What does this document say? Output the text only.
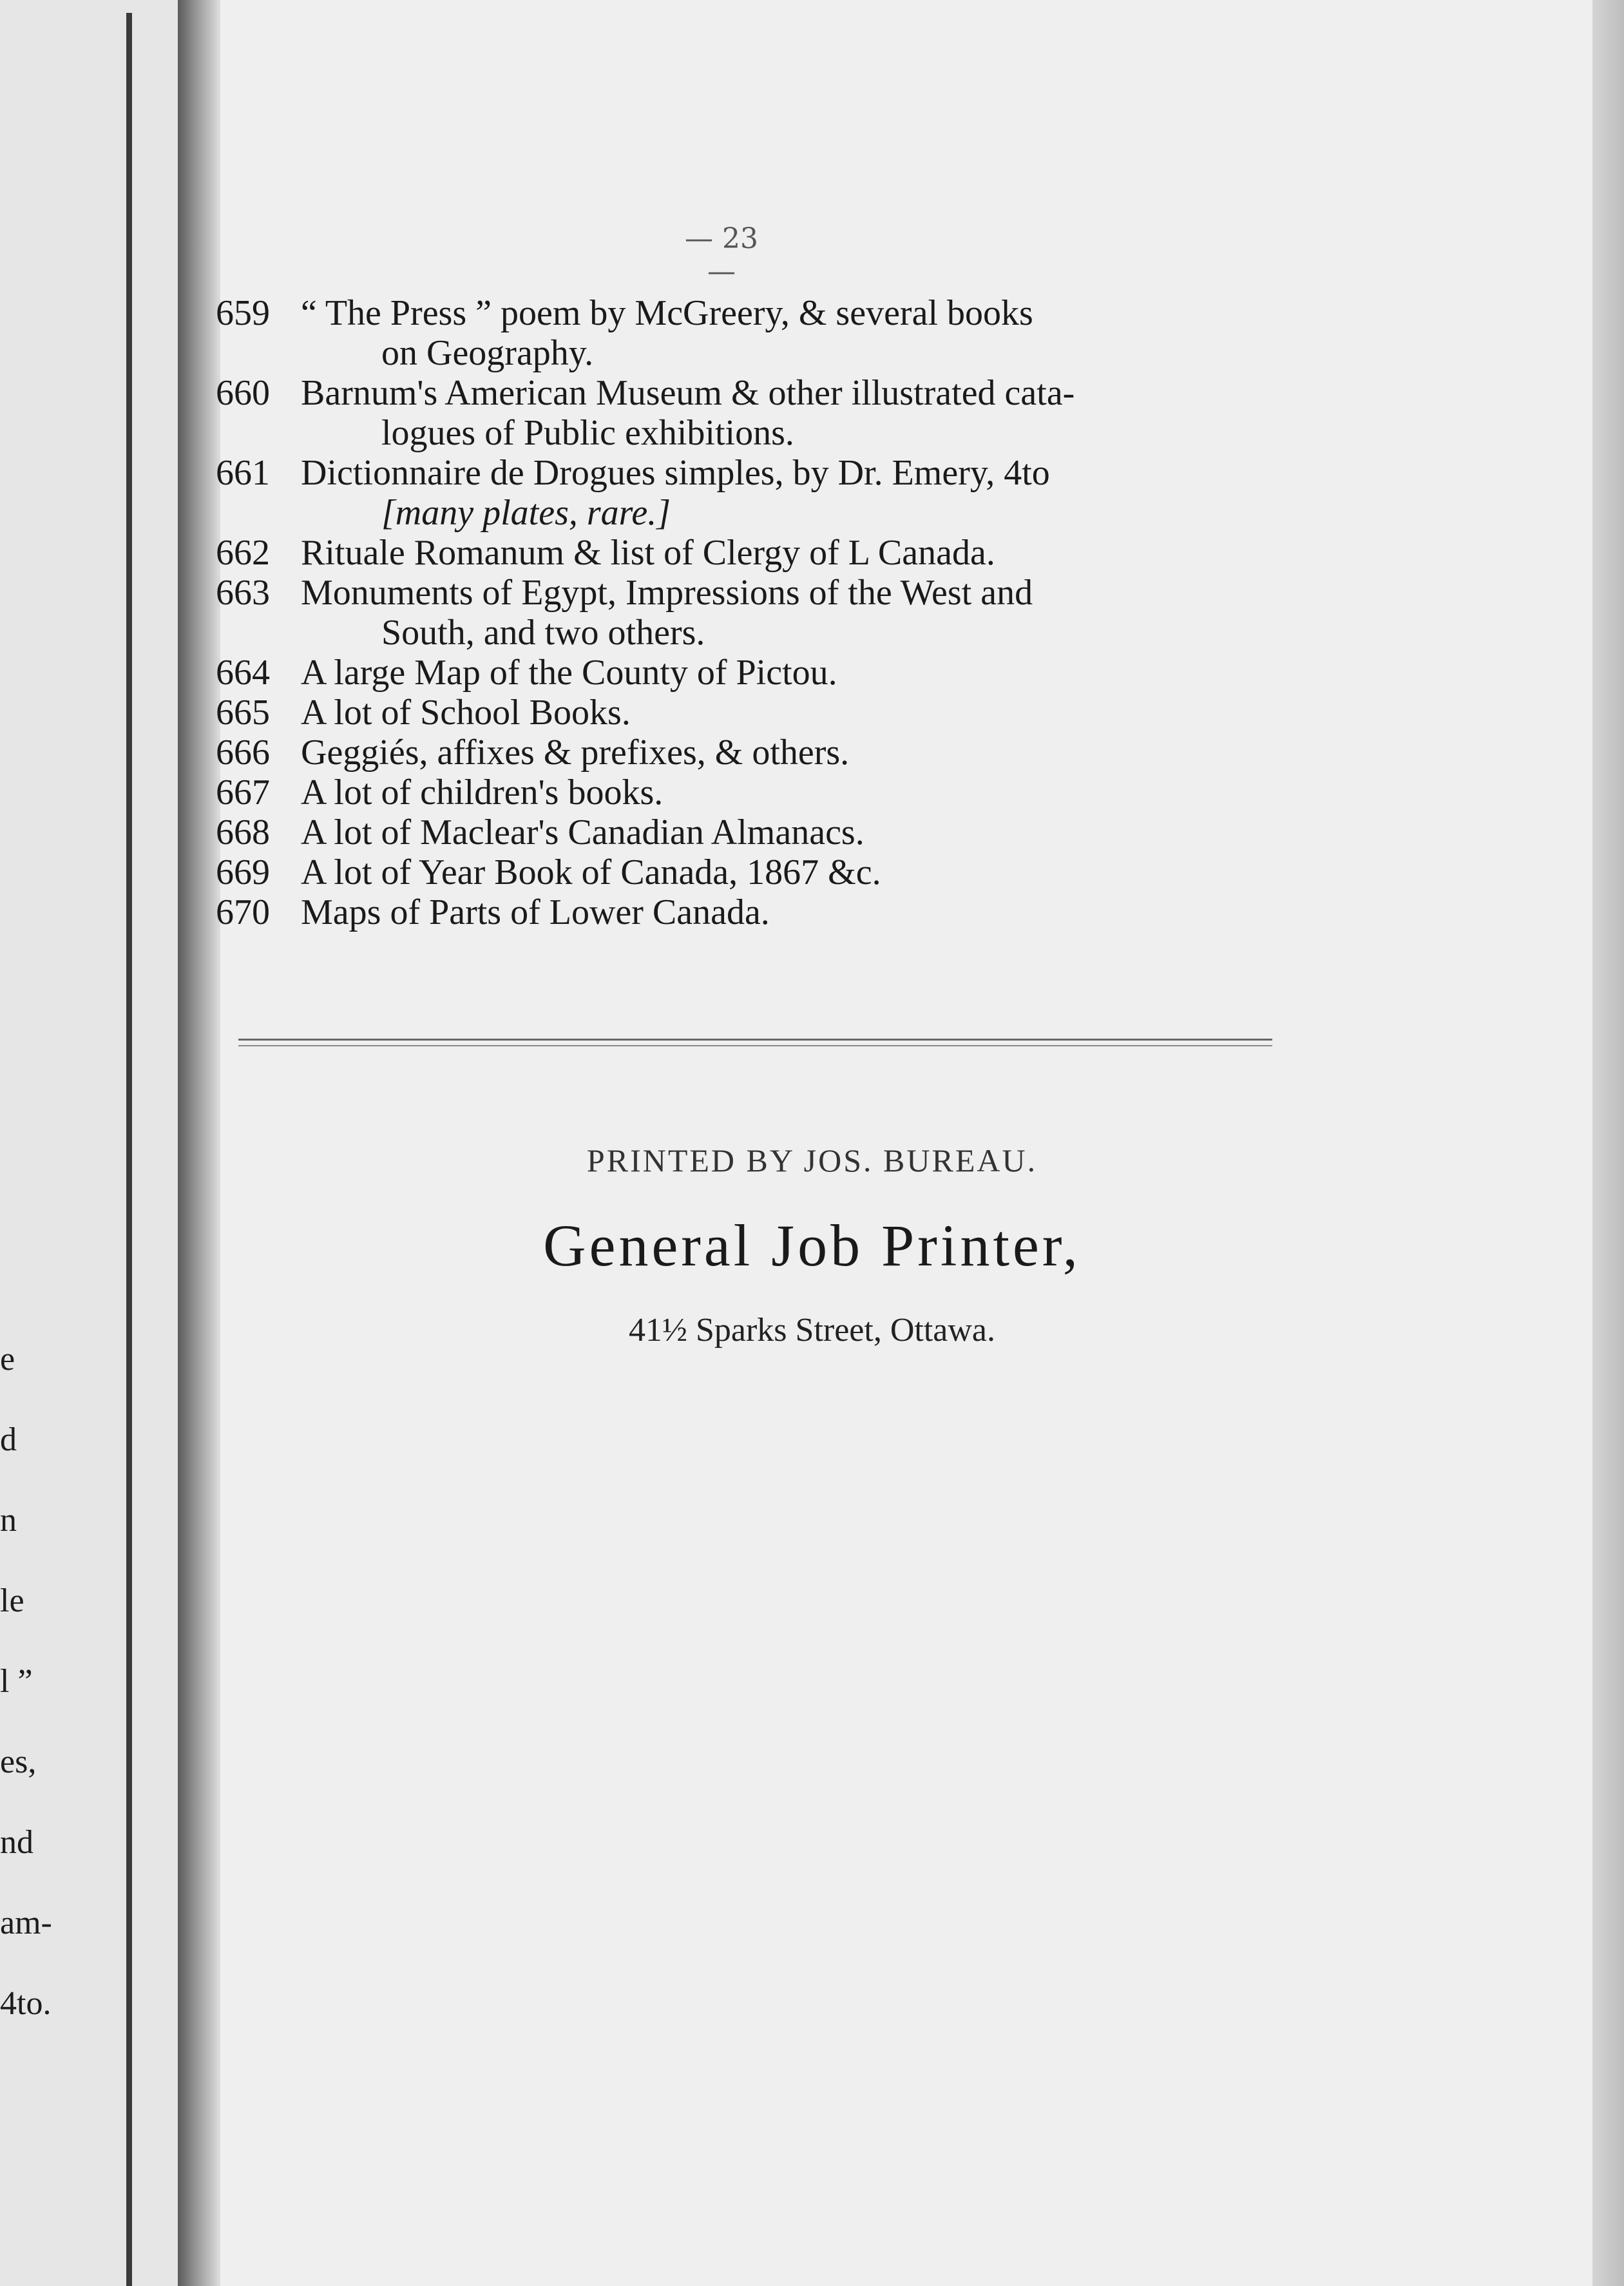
e
d
n
le
l ”
es,
nd
am-
4to.
— 23 —
659 “ The Press ” poem by McGreery, & several books
on Geography.
660 Barnum's American Museum & other illustrated cata-
logues of Public exhibitions.
661 Dictionnaire de Drogues simples, by Dr. Emery, 4to
[many plates, rare.]
662 Rituale Romanum & list of Clergy of L Canada.
663 Monuments of Egypt, Impressions of the West and
South, and two others.
664 A large Map of the County of Pictou.
665 A lot of School Books.
666 Geggiés, affixes & prefixes, & others.
667 A lot of children's books.
668 A lot of Maclear's Canadian Almanacs.
669 A lot of Year Book of Canada, 1867 &c.
670 Maps of Parts of Lower Canada.
PRINTED BY JOS. BUREAU.
General Job Printer,
41½ Sparks Street, Ottawa.
